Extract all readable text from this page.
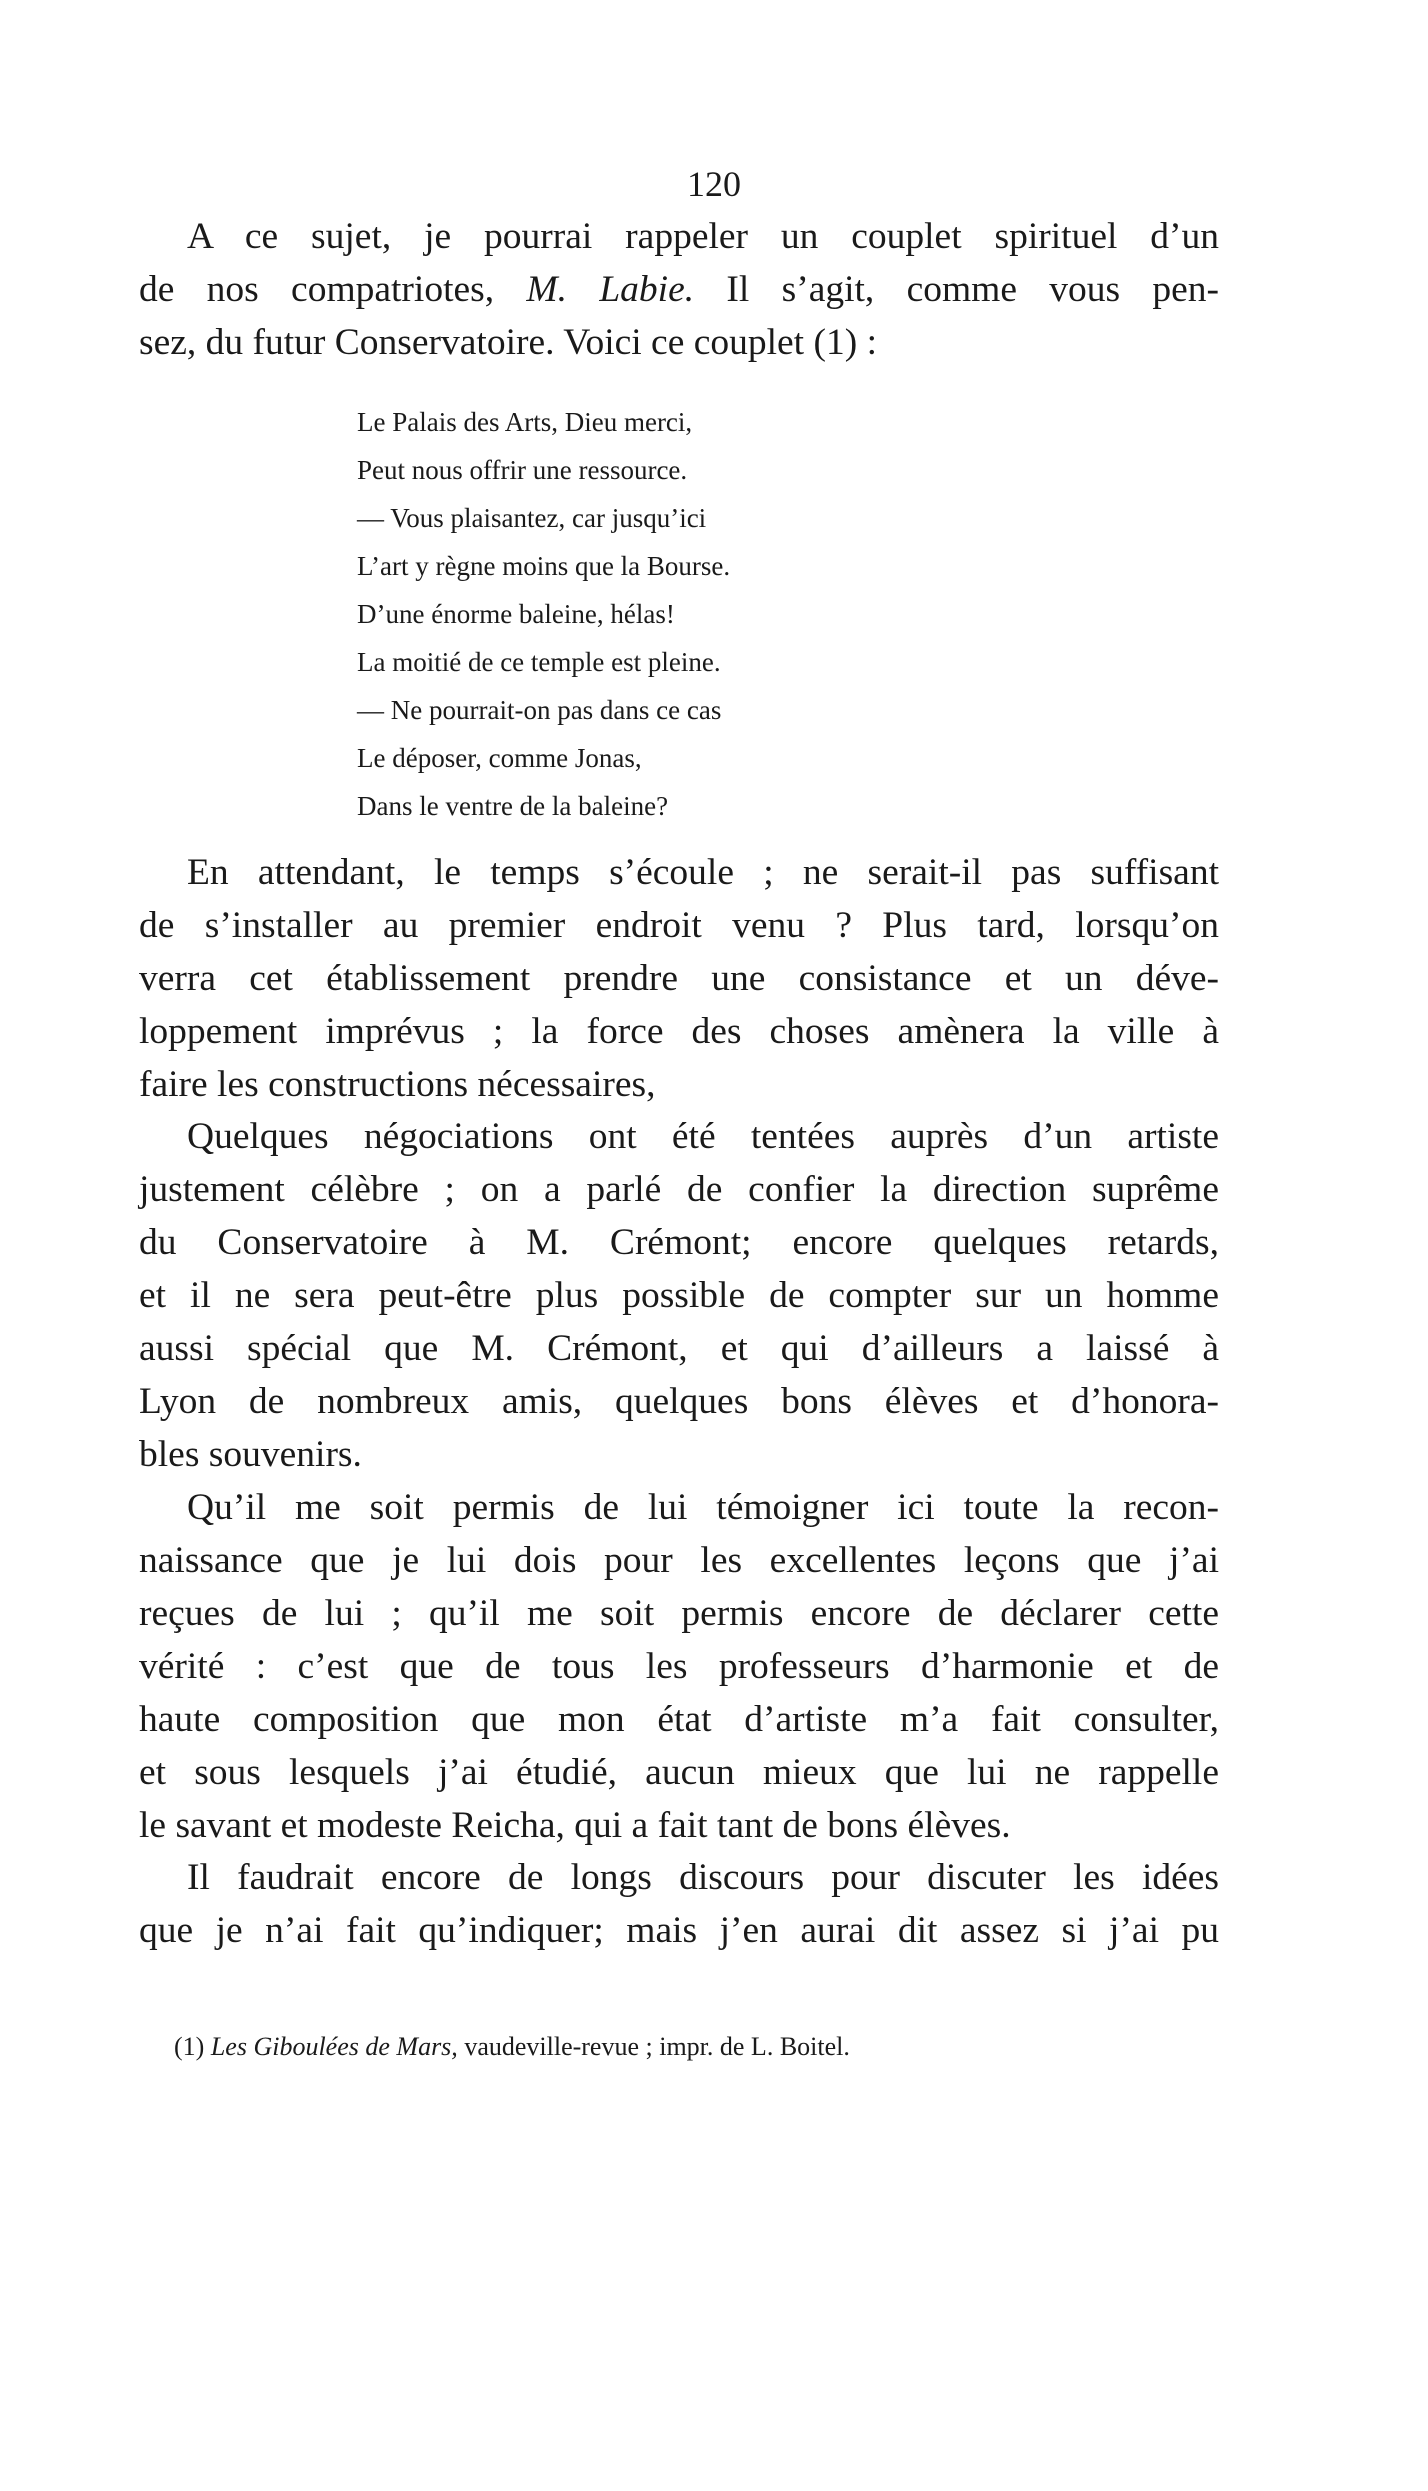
120
A ce sujet, je pourrai rappeler un couplet spirituel d’un
de nos compatriotes, M. Labie. Il s’agit, comme vous pen-
sez, du futur Conservatoire. Voici ce couplet (1) :
Le Palais des Arts, Dieu merci,
Peut nous offrir une ressource.
— Vous plaisantez, car jusqu’ici
L’art y règne moins que la Bourse.
D’une énorme baleine, hélas!
La moitié de ce temple est pleine.
— Ne pourrait-on pas dans ce cas
Le déposer, comme Jonas,
Dans le ventre de la baleine?
En attendant, le temps s’écoule ; ne serait-il pas suffisant
de s’installer au premier endroit venu ? Plus tard, lorsqu’on
verra cet établissement prendre une consistance et un déve-
loppement imprévus ; la force des choses amènera la ville à
faire les constructions nécessaires,
Quelques négociations ont été tentées auprès d’un artiste
justement célèbre ; on a parlé de confier la direction suprême
du Conservatoire à M. Crémont; encore quelques retards,
et il ne sera peut-être plus possible de compter sur un homme
aussi spécial que M. Crémont, et qui d’ailleurs a laissé à
Lyon de nombreux amis, quelques bons élèves et d’honora-
bles souvenirs.
Qu’il me soit permis de lui témoigner ici toute la recon-
naissance que je lui dois pour les excellentes leçons que j’ai
reçues de lui ; qu’il me soit permis encore de déclarer cette
vérité : c’est que de tous les professeurs d’harmonie et de
haute composition que mon état d’artiste m’a fait consulter,
et sous lesquels j’ai étudié, aucun mieux que lui ne rappelle
le savant et modeste Reicha, qui a fait tant de bons élèves.
Il faudrait encore de longs discours pour discuter les idées
que je n’ai fait qu’indiquer; mais j’en aurai dit assez si j’ai pu
(1) Les Giboulées de Mars, vaudeville-revue ; impr. de L. Boitel.
